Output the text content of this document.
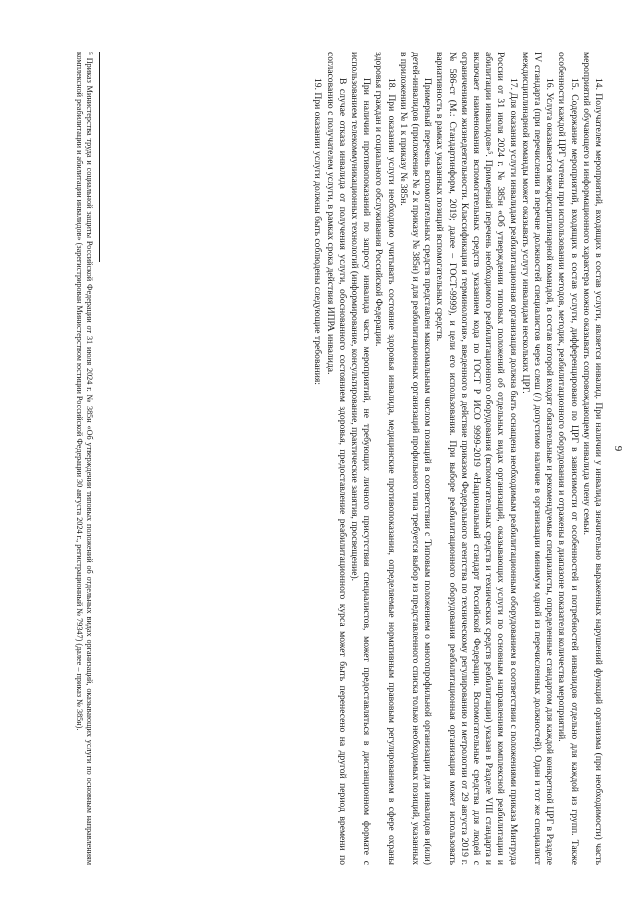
9

14. Получателем мероприятий, входящих в состав услуги, является инвалид. При наличии у инвалида значительно выраженных нарушений функций организма (при необходимости) часть мероприятий обучающего и информационного характера можно оказывать сопровождающему инвалида члену семьи.

15. Содержание мероприятий, входящих в состав услуги, дифференцировано по ЦРГ в зависимости от особенностей и потребностей инвалидов отдельно для каждой из групп. Также особенности каждой ЦРГ учтены при использовании методов, методик, реабилитационного оборудования и отражены в диапазоне показателя количества мероприятий.

16. Услуга оказывается междисциплинарной командой, в состав которой входят обязательные и рекомендуемые специалисты, определенные стандартом для каждой конкретной ЦРГ в Разделе IV стандарта (при перечислении в перечне должностей специалистов через слеш (/) допустимо наличие в организации минимум одной из перечисленных должностей). Один и тот же специалист междисциплинарной команды может оказывать услугу инвалидам нескольких ЦРГ.

17. Для оказания услуги инвалидам реабилитационная организация должна быть оснащена необходимым реабилитационным оборудованием в соответствии с положениями приказа Минтруда России от 31 июля 2024 г. № 385н «Об утверждении типовых положений об отдельных видах организаций, оказывающих услуги по основным направлениям комплексной реабилитации и абилитации инвалидов»⁵. Примерный перечень необходимого реабилитационного оборудования (вспомогательных средств и технических средств реабилитации) указан в Разделе VIII стандарта и включает наименования вспомогательных средств указанием кода по ГОСТ Р ИСО 9999-2019 «Национальный стандарт Российской Федерации. Вспомогательные средства для людей с ограничениями жизнедеятельности. Классификация и терминология», введенного в действие приказом Федерального агентства по техническому регулированию и метрологии от 29 августа 2019 г. № 586-ст (М.: Стандартинформ, 2019; далее – ГОСТ-9999), и цели его использования. При выборе реабилитационного оборудования реабилитационная организация может использовать вариативность в рамках указанных позиций вспомогательных средств.

Примерный перечень вспомогательных средств представлен максимальным числом позиций в соответствии с Типовым положением о многопрофильной организации для инвалидов и(или) детей-инвалидов (приложение № 2 к приказу № 385н) и для реабилитационных организаций профильного типа требуется выбор из представленного списка только необходимых позиций, указанных в приложении № 1 к приказу № 385н.

18. При оказании услуги необходимо учитывать состояние здоровья инвалида, медицинские противопоказания, определяемые нормативным правовым регулированием в сфере охраны здоровья граждан и социального обслуживания Российской Федерации.

При наличии противопоказаний по запросу инвалида часть мероприятий, не требующих личного присутствия специалистов, может предоставляться в дистанционном формате с использованием телекоммуникационных технологий (информирование, консультирование, практические занятия, просвещение).

В случае отказа инвалида от получения услуги, обоснованного состоянием здоровья, предоставление реабилитационного курса может быть перенесено на другой период времени по согласованию с получателем услуги, в рамках срока действия ИПРА инвалида.

19. При оказании услуги должны быть соблюдены следующие требования:

⁵ Приказ Министерства труда и социальной защиты Российской Федерации от 31 июля 2024 г. № 385н «Об утверждении типовых положений об отдельных видах организаций, оказывающих услуги по основным направлениям комплексной реабилитации и абилитации инвалидов» (зарегистрирован Министерством юстиции Российской Федерации 30 августа 2024 г., регистрационный № 79347) (далее – приказ № 385н).
